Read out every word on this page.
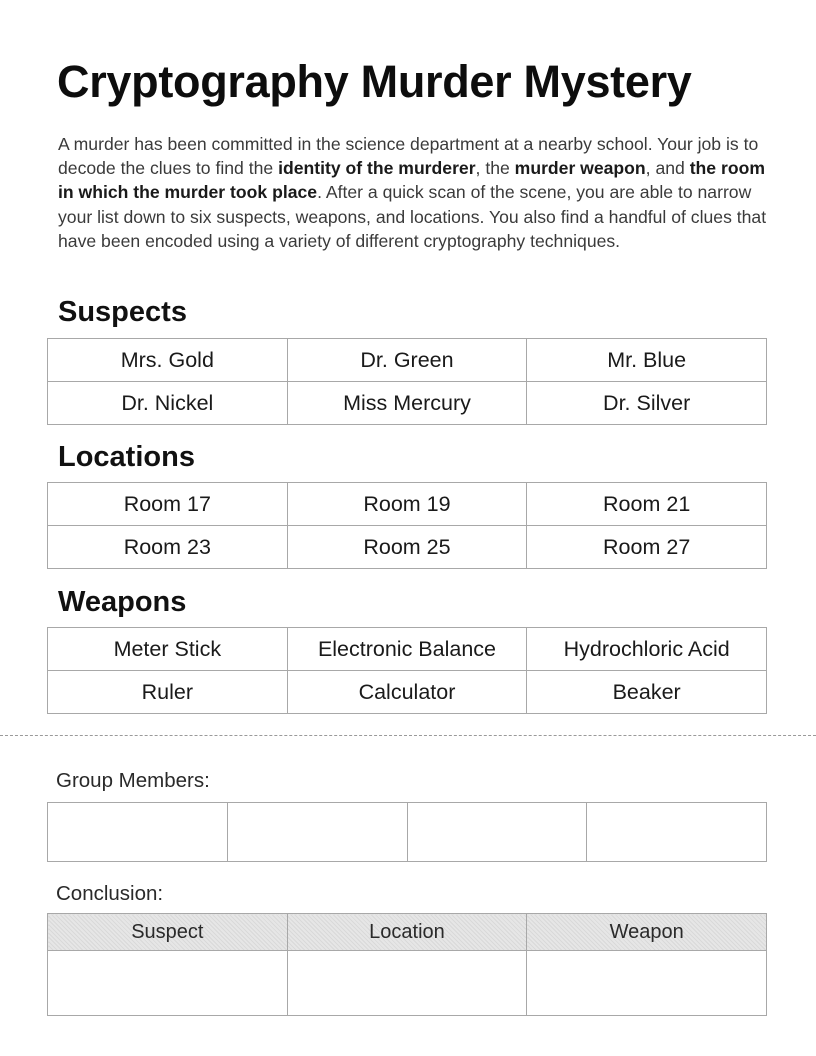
Cryptography Murder Mystery
A murder has been committed in the science department at a nearby school. Your job is to decode the clues to find the identity of the murderer, the murder weapon, and the room in which the murder took place. After a quick scan of the scene, you are able to narrow your list down to six suspects, weapons, and locations. You also find a handful of clues that have been encoded using a variety of different cryptography techniques.
Suspects
Mrs. Gold	Dr. Green	Mr. Blue
Dr. Nickel	Miss Mercury	Dr. Silver
Locations
Room 17	Room 19	Room 21
Room 23	Room 25	Room 27
Weapons
Meter Stick	Electronic Balance	Hydrochloric Acid
Ruler	Calculator	Beaker
Group Members:

Conclusion:
Suspect	Location	Weapon
